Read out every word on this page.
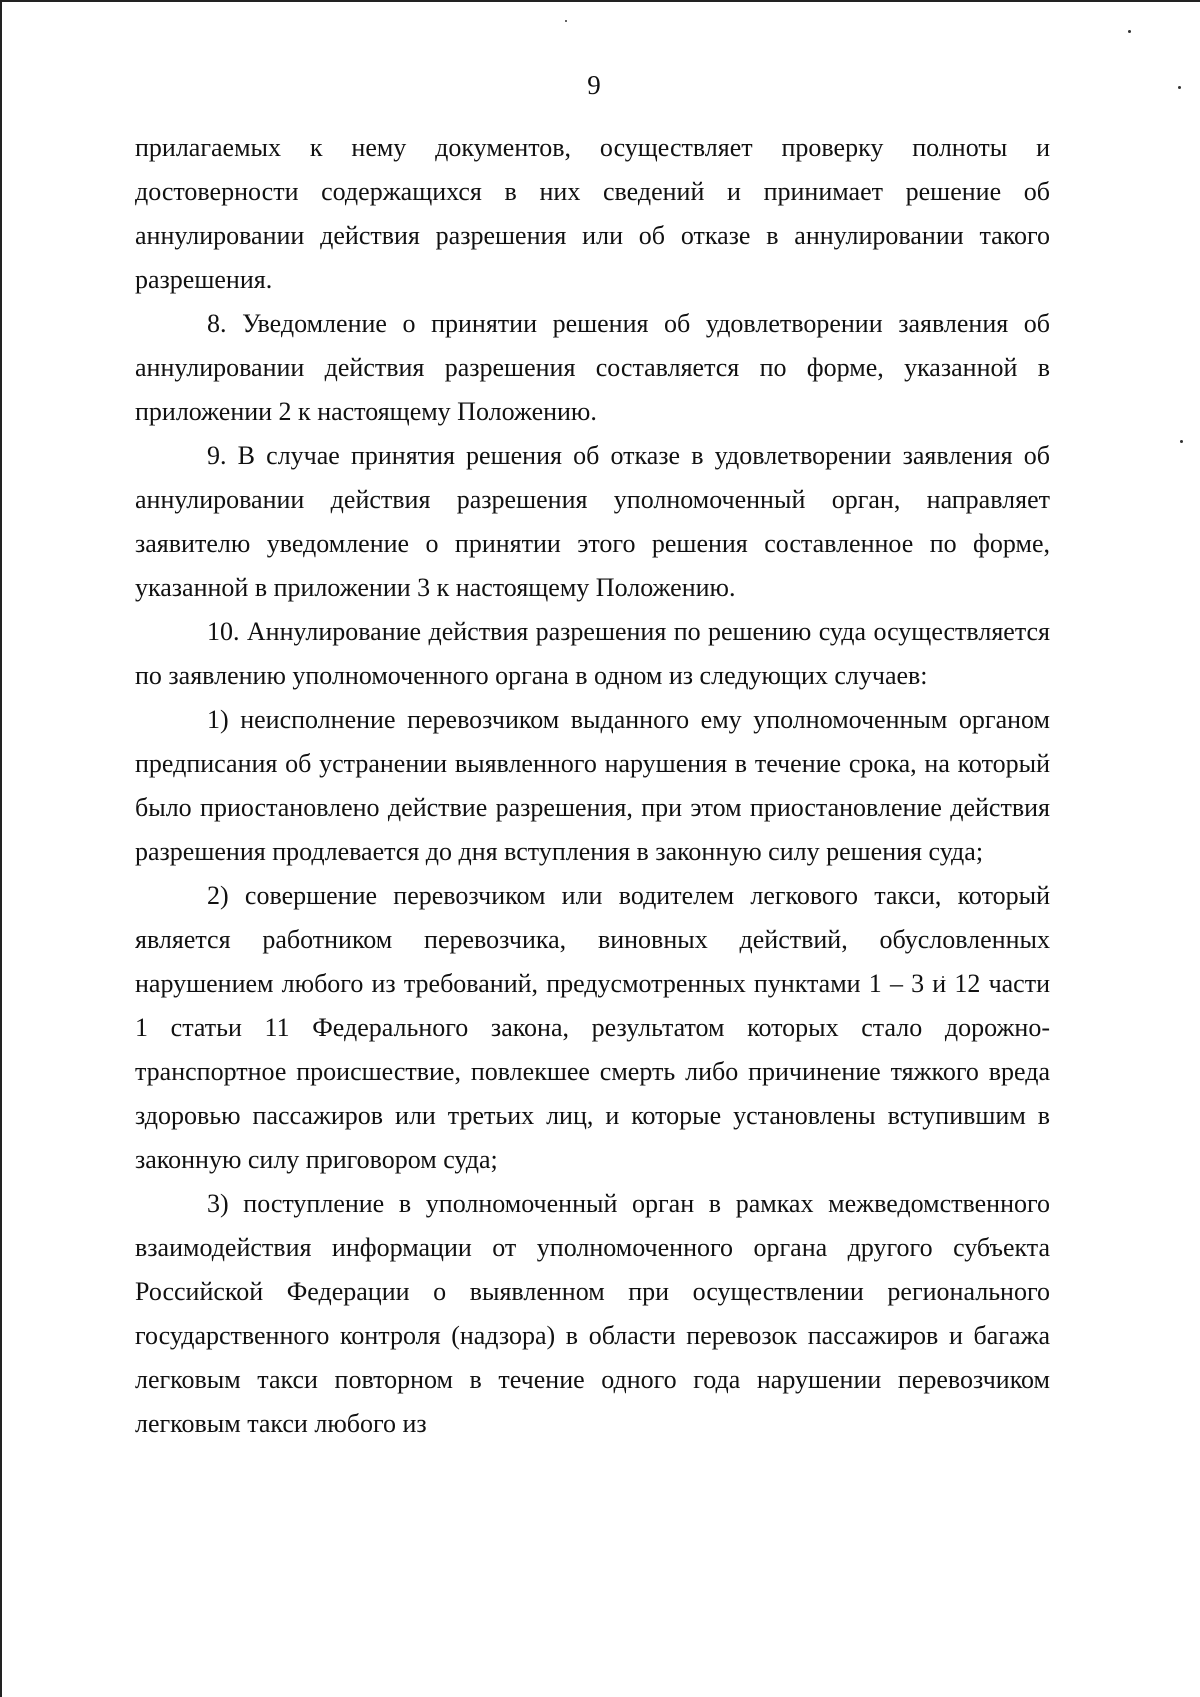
9

прилагаемых к нему документов, осуществляет проверку полноты и достоверности содержащихся в них сведений и принимает решение об аннулировании действия разрешения или об отказе в аннулировании такого разрешения.

8. Уведомление о принятии решения об удовлетворении заявления об аннулировании действия разрешения составляется по форме, указанной в приложении 2 к настоящему Положению.

9. В случае принятия решения об отказе в удовлетворении заявления об аннулировании действия разрешения уполномоченный орган, направляет заявителю уведомление о принятии этого решения составленное по форме, указанной в приложении 3 к настоящему Положению.

10. Аннулирование действия разрешения по решению суда осуществляется по заявлению уполномоченного органа в одном из следующих случаев:

1) неисполнение перевозчиком выданного ему уполномоченным органом предписания об устранении выявленного нарушения в течение срока, на который было приостановлено действие разрешения, при этом приостановление действия разрешения продлевается до дня вступления в законную силу решения суда;

2) совершение перевозчиком или водителем легкового такси, который является работником перевозчика, виновных действий, обусловленных нарушением любого из требований, предусмотренных пунктами 1 – 3 и 12 части 1 статьи 11 Федерального закона, результатом которых стало дорожно-транспортное происшествие, повлекшее смерть либо причинение тяжкого вреда здоровью пассажиров или третьих лиц, и которые установлены вступившим в законную силу приговором суда;

3) поступление в уполномоченный орган в рамках межведомственного взаимодействия информации от уполномоченного органа другого субъекта Российской Федерации о выявленном при осуществлении регионального государственного контроля (надзора) в области перевозок пассажиров и багажа легковым такси повторном в течение одного года нарушении перевозчиком легковым такси любого из
